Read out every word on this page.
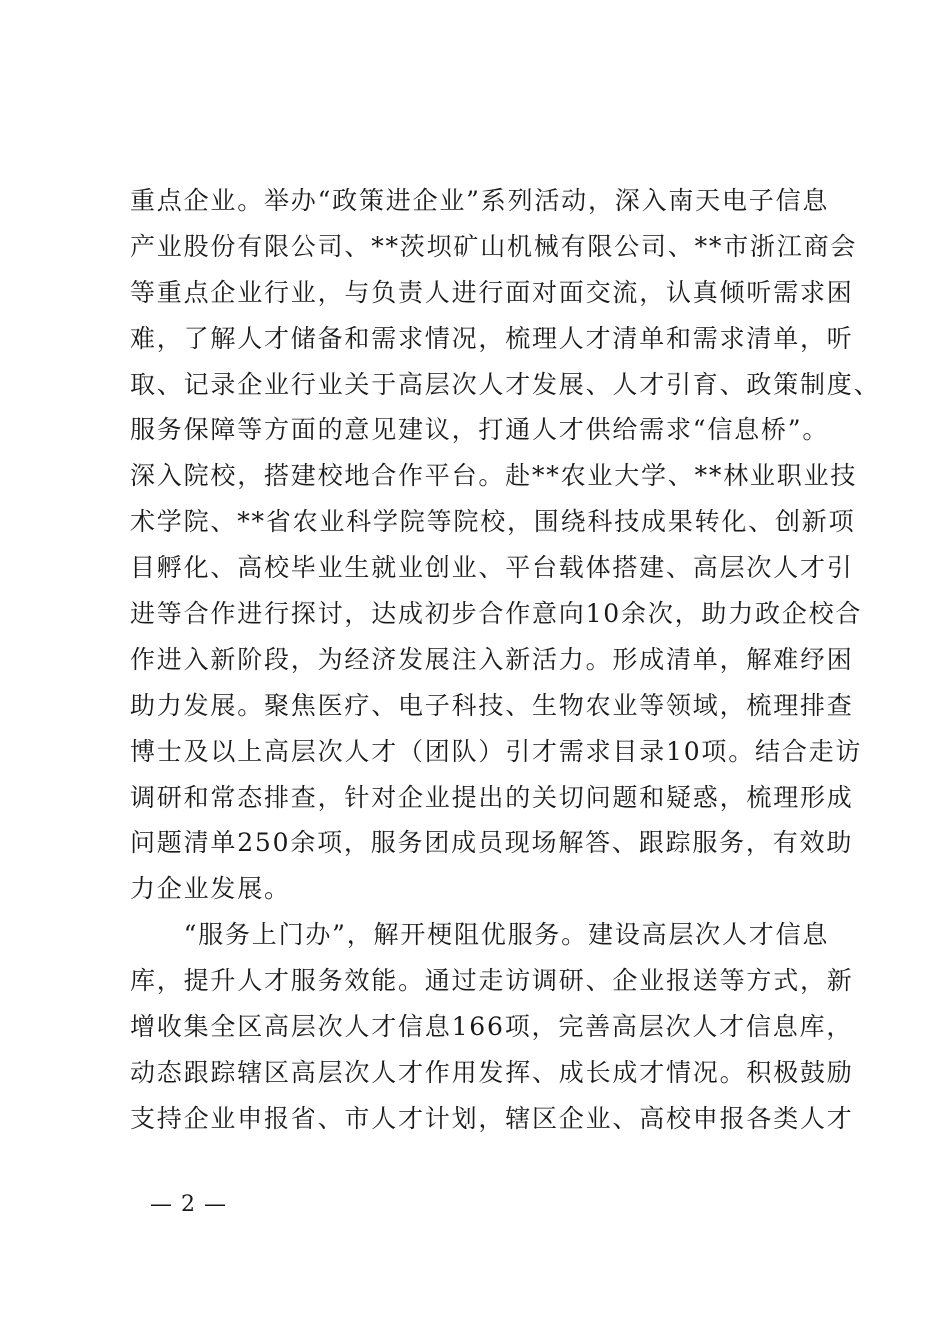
重点企业。举办“政策进企业”系列活动，深入南天电子信息
产业股份有限公司、**茨坝矿山机械有限公司、**市浙江商会
等重点企业行业，与负责人进行面对面交流，认真倾听需求困
难，了解人才储备和需求情况，梳理人才清单和需求清单，听
取、记录企业行业关于高层次人才发展、人才引育、政策制度、
服务保障等方面的意见建议，打通人才供给需求“信息桥”。
深入院校，搭建校地合作平台。赴**农业大学、**林业职业技
术学院、**省农业科学院等院校，围绕科技成果转化、创新项
目孵化、高校毕业生就业创业、平台载体搭建、高层次人才引
进等合作进行探讨，达成初步合作意向10余次，助力政企校合
作进入新阶段，为经济发展注入新活力。形成清单，解难纾困
助力发展。聚焦医疗、电子科技、生物农业等领域，梳理排查
博士及以上高层次人才（团队）引才需求目录10项。结合走访
调研和常态排查，针对企业提出的关切问题和疑惑，梳理形成
问题清单250余项，服务团成员现场解答、跟踪服务，有效助
力企业发展。
　　“服务上门办”，解开梗阻优服务。建设高层次人才信息
库，提升人才服务效能。通过走访调研、企业报送等方式，新
增收集全区高层次人才信息166项，完善高层次人才信息库，
动态跟踪辖区高层次人才作用发挥、成长成才情况。积极鼓励
支持企业申报省、市人才计划，辖区企业、高校申报各类人才
— 2 —
